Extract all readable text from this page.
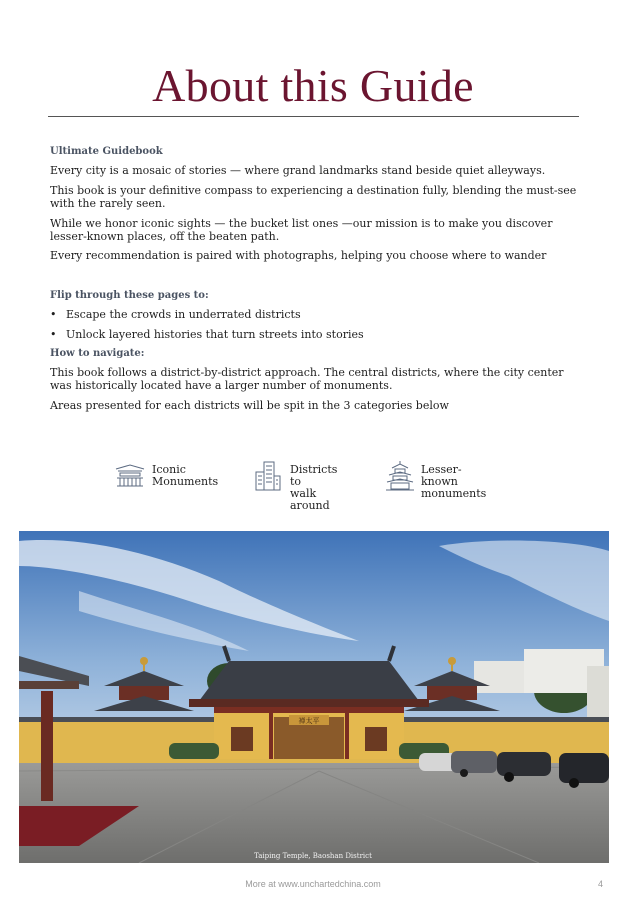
About this Guide
Ultimate Guidebook
Every city is a mosaic of stories — where grand landmarks stand beside quiet alleyways.
This book is your definitive compass to experiencing a destination fully, blending the must-see with the rarely seen.
While we honor iconic sights — the bucket list ones —our mission is to make you discover lesser-known places, off the beaten path.
Every recommendation is paired with photographs, helping you choose where to wander
Flip through these pages to:
• Escape the crowds in underrated districts
• Unlock layered histories that turn streets into stories
How to navigate:
This book follows a district-by-district approach. The central districts, where the city center was historically located have a larger number of monuments.
Areas presented for each districts will be spit in the 3 categories below
Iconic
Monuments
Districts to
walk around
Lesser-known
monuments
禅太平
Taiping Temple, Baoshan District
More at www.unchartedchina.com	4
